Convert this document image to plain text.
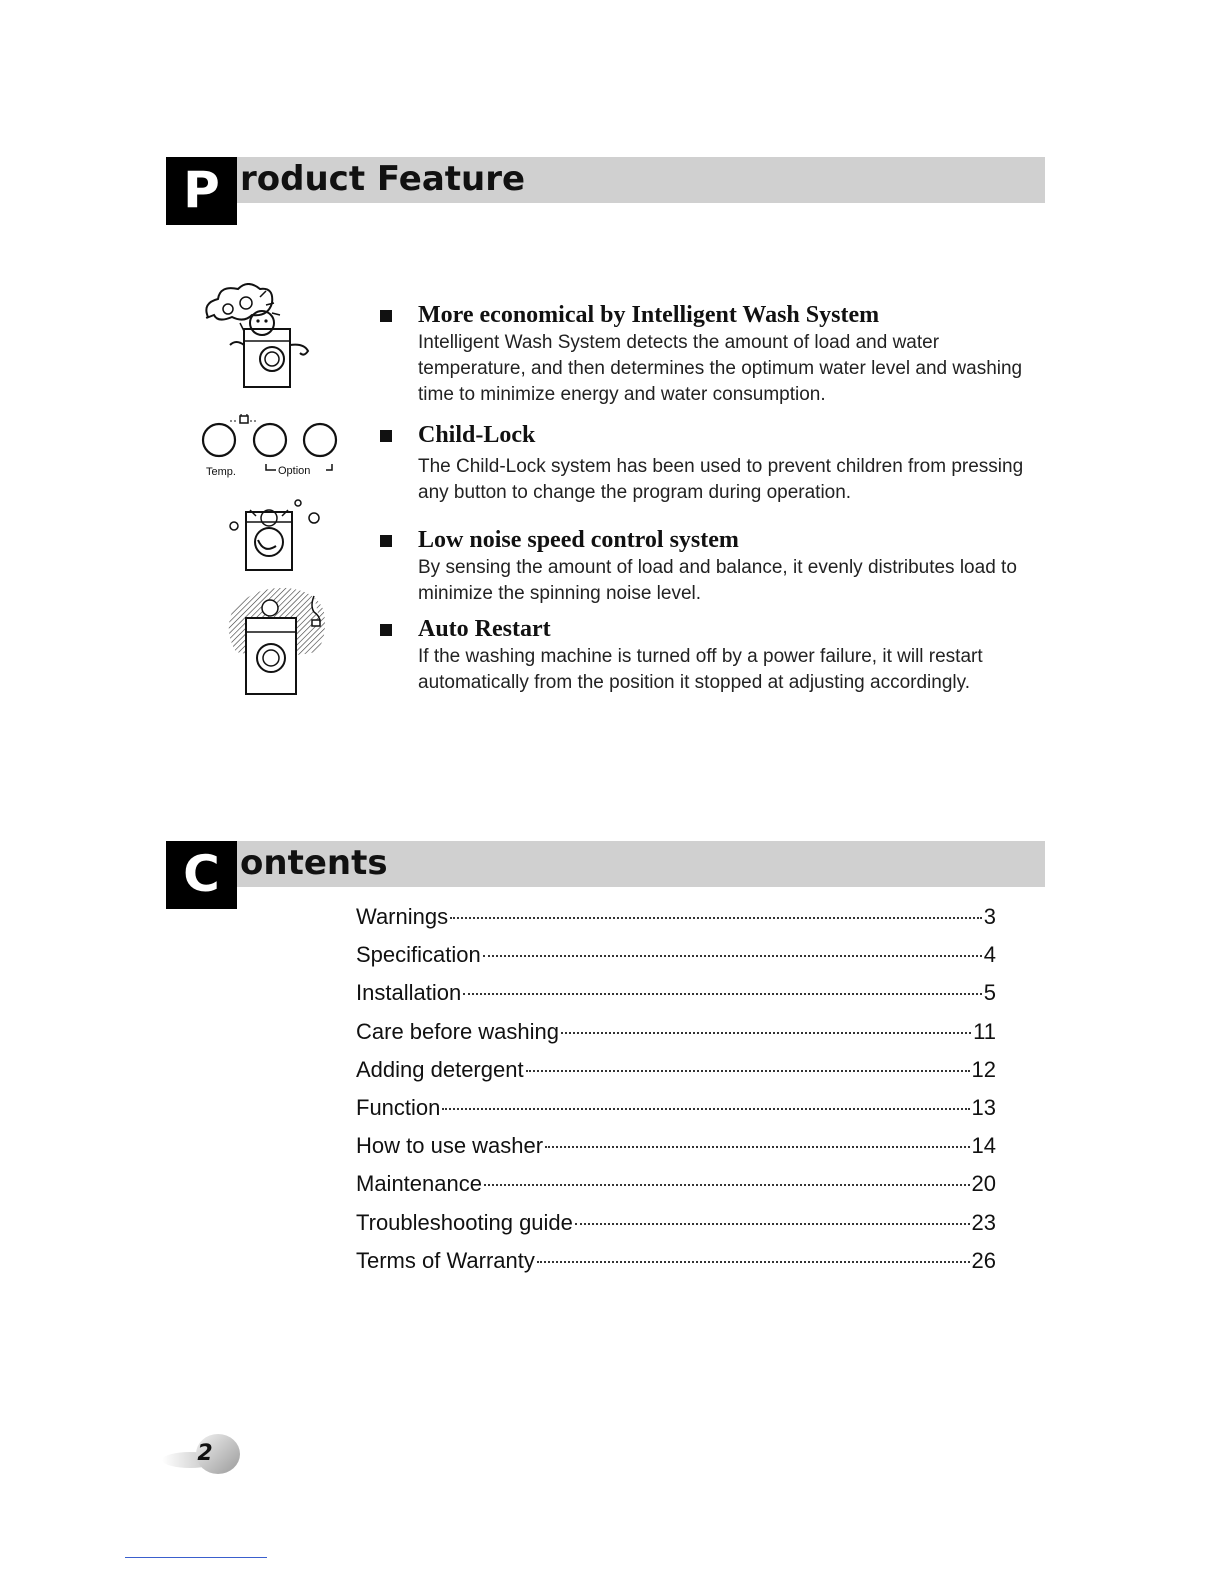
P roduct Feature
Temp.	Option
More economical by Intelligent Wash System
Intelligent Wash System detects the amount of load and water temperature, and then determines the optimum water level and washing time to minimize energy and water consumption.
Child-Lock
The Child-Lock system has been used to prevent children from pressing any button to change the program during operation.
Low noise speed control system
By sensing the amount of load and balance, it evenly distributes load to minimize the spinning noise level.
Auto Restart
If the washing machine is turned off by a power failure, it will restart automatically from the position it stopped at adjusting accordingly.
C ontents
Warnings	3
Specification	4
Installation	5
Care before washing	11
Adding detergent	12
Function	13
How to use washer	14
Maintenance	20
Troubleshooting guide	23
Terms of Warranty	26
2
